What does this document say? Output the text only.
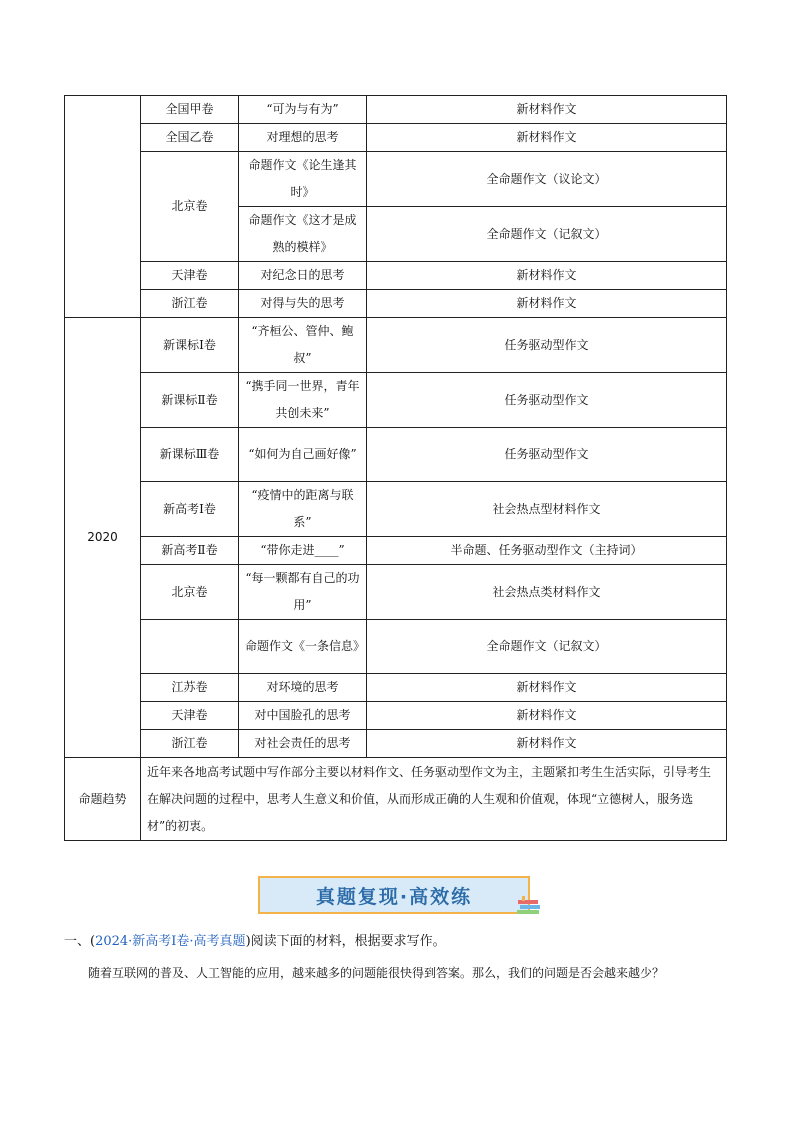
	全国甲卷	“可为与有为”	新材料作文
	全国乙卷	对理想的思考	新材料作文
	北京卷	命题作文《论生逢其时》	全命题作文（议论文）
		命题作文《这才是成熟的模样》	全命题作文（记叙文）
	天津卷	对纪念日的思考	新材料作文
	浙江卷	对得与失的思考	新材料作文
2020	新课标Ⅰ卷	“齐桓公、管仲、鲍叔”	任务驱动型作文
	新课标Ⅱ卷	“携手同一世界，青年共创未来”	任务驱动型作文
	新课标Ⅲ卷	“如何为自己画好像”	任务驱动型作文
	新高考Ⅰ卷	“疫情中的距离与联系”	社会热点型材料作文
	新高考Ⅱ卷	“带你走进____”	半命题、任务驱动型作文（主持词）
	北京卷	“每一颗都有自己的功用”	社会热点类材料作文
		命题作文《一条信息》	全命题作文（记叙文）
	江苏卷	对环境的思考	新材料作文
	天津卷	对中国脸孔的思考	新材料作文
	浙江卷	对社会责任的思考	新材料作文
命题趋势	近年来各地高考试题中写作部分主要以材料作文、任务驱动型作文为主，主题紧扣考生生活实际，引导考生在解决问题的过程中，思考人生意义和价值，从而形成正确的人生观和价值观，体现“立德树人，服务选材”的初衷。		
真题复现·高效练
一、(2024·新高考Ⅰ卷·高考真题)阅读下面的材料，根据要求写作。
随着互联网的普及、人工智能的应用，越来越多的问题能很快得到答案。那么，我们的问题是否会越来越少？
